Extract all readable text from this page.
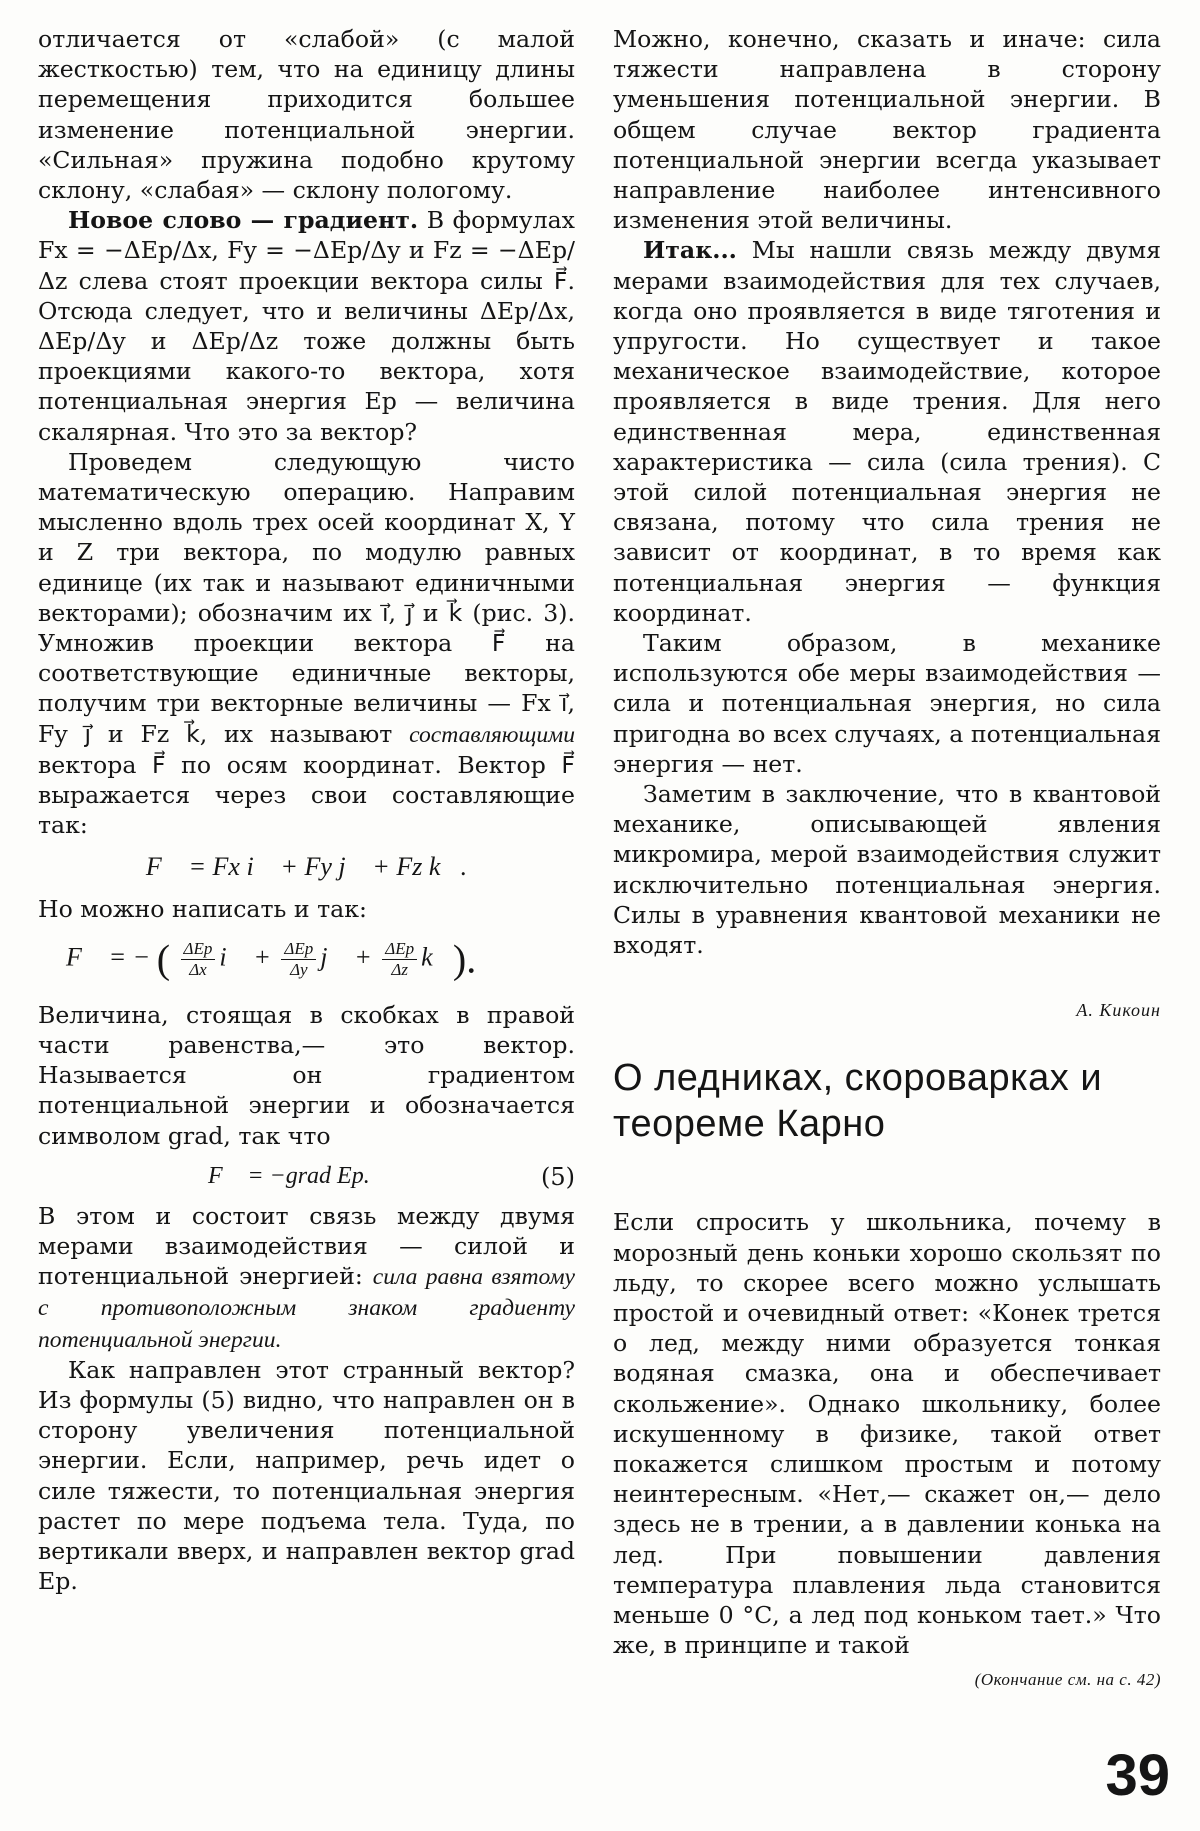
отличается от «слабой» (с малой жесткостью) тем, что на единицу длины перемещения приходится большее изменение потенциальной энергии. «Сильная» пружина подобно крутому склону, «слабая» — склону пологому.

Новое слово — градиент. В формулах Fx = −ΔEp/Δx, Fy = −ΔEp/Δy и Fz = −ΔEp/Δz слева стоят проекции вектора силы F⃗. Отсюда следует, что и величины ΔEp/Δx, ΔEp/Δy и ΔEp/Δz тоже должны быть проекциями какого-то вектора, хотя потенциальная энергия Ep — величина скалярная. Что это за вектор?

Проведем следующую чисто математическую операцию. Направим мысленно вдоль трех осей координат X, Y и Z три вектора, по модулю равных единице (их так и называют единичными векторами); обозначим их i⃗, j⃗ и k⃗ (рис. 3). Умножив проекции вектора F⃗ на соответствующие единичные векторы, получим три векторные величины — Fx i⃗, Fy j⃗ и Fz k⃗, их называют составляющими вектора F⃗ по осям координат. Вектор F⃗ выражается через свои составляющие так:

F⃗ = Fx i⃗ + Fy j⃗ + Fz k⃗.

Но можно написать и так:

F⃗ = − ( $\frac{\text{ΔEp}}{\Delta x}$ i⃗ + $\frac{\text{ΔEp}}{\Delta y}$ j⃗ + $\frac{\text{ΔEp}}{\Delta z}$ k⃗).

Величина, стоящая в скобках в правой части равенства,— это вектор. Называется он градиентом потенциальной энергии и обозначается символом grad, так что

F⃗ = −grad Ep.	(5)

В этом и состоит связь между двумя мерами взаимодействия — силой и потенциальной энергией: сила равна взятому с противоположным знаком градиенту потенциальной энергии.

Как направлен этот странный вектор? Из формулы (5) видно, что направлен он в сторону увеличения потенциальной энергии. Если, например, речь идет о силе тяжести, то потенциальная энергия растет по мере подъема тела. Туда, по вертикали вверх, и направлен вектор grad Ep.

Можно, конечно, сказать и иначе: сила тяжести направлена в сторону уменьшения потенциальной энергии. В общем случае вектор градиента потенциальной энергии всегда указывает направление наиболее интенсивного изменения этой величины.

Итак... Мы нашли связь между двумя мерами взаимодействия для тех случаев, когда оно проявляется в виде тяготения и упругости. Но существует и такое механическое взаимодействие, которое проявляется в виде трения. Для него единственная мера, единственная характеристика — сила (сила трения). С этой силой потенциальная энергия не связана, потому что сила трения не зависит от координат, в то время как потенциальная энергия — функция координат.

Таким образом, в механике используются обе меры взаимодействия — сила и потенциальная энергия, но сила пригодна во всех случаях, а потенциальная энергия — нет.

Заметим в заключение, что в квантовой механике, описывающей явления микромира, мерой взаимодействия служит исключительно потенциальная энергия. Силы в уравнения квантовой механики не входят.

А. Кикоин
О ледниках, скороварках и теореме Карно

Если спросить у школьника, почему в морозный день коньки хорошо скользят по льду, то скорее всего можно услышать простой и очевидный ответ: «Конек трется о лед, между ними образуется тонкая водяная смазка, она и обеспечивает скольжение». Однако школьнику, более искушенному в физике, такой ответ покажется слишком простым и потому неинтересным. «Нет,— скажет он,— дело здесь не в трении, а в давлении конька на лед. При повышении давления температура плавления льда становится меньше 0 °С, а лед под коньком тает.» Что же, в принципе и такой

(Окончание см. на с. 42)
39
